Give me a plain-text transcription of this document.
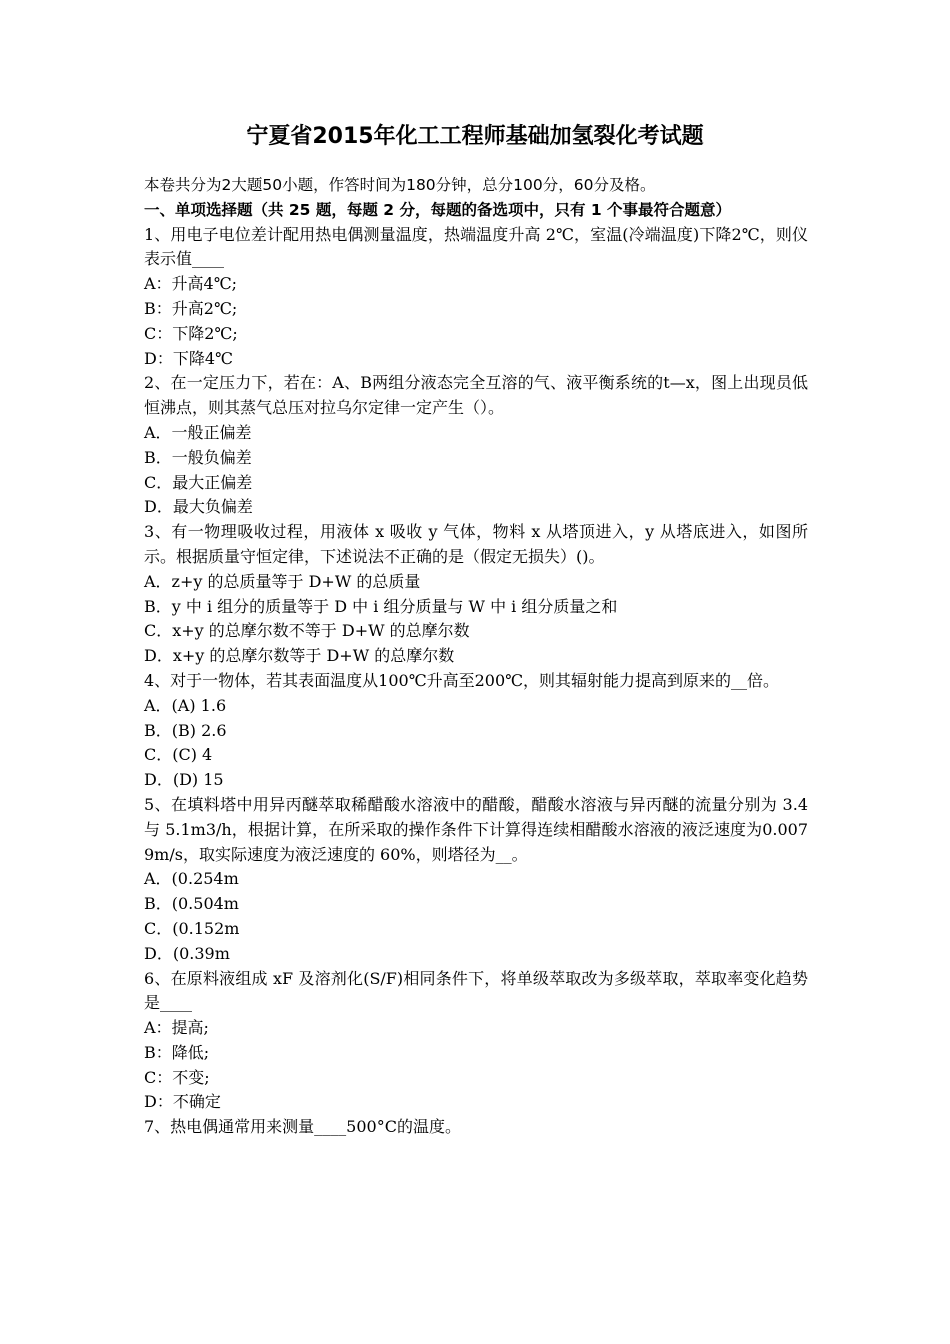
宁夏省2015年化工工程师基础加氢裂化考试题

本卷共分为2大题50小题，作答时间为180分钟，总分100分，60分及格。

一、单项选择题（共 25 题，每题 2 分，每题的备选项中，只有 1 个事最符合题意）

1、用电子电位差计配用热电偶测量温度，热端温度升高 2℃，室温(冷端温度)下降2℃，则仪表示值____

A：升高4℃;

B：升高2℃;

C：下降2℃;

D：下降4℃

2、在一定压力下，若在：A、B两组分液态完全互溶的气、液平衡系统的t—x，图上出现员低恒沸点，则其蒸气总压对拉乌尔定律一定产生（）。

A．一般正偏差

B．一般负偏差

C．最大正偏差

D．最大负偏差

3、有一物理吸收过程，用液体 x 吸收 y 气体，物料 x 从塔顶进入，y 从塔底进入，如图所示。根据质量守恒定律，下述说法不正确的是（假定无损失）()。

A．z+y 的总质量等于 D+W 的总质量

B．y 中 i 组分的质量等于 D 中 i 组分质量与 W 中 i 组分质量之和

C．x+y 的总摩尔数不等于 D+W 的总摩尔数

D．x+y 的总摩尔数等于 D+W 的总摩尔数

4、对于一物体，若其表面温度从100℃升高至200℃，则其辐射能力提高到原来的__倍。

A．(A) 1.6

B．(B) 2.6

C．(C) 4

D．(D) 15

5、在填料塔中用异丙醚萃取稀醋酸水溶液中的醋酸，醋酸水溶液与异丙醚的流量分别为 3.4 与 5.1m3/h，根据计算，在所采取的操作条件下计算得连续相醋酸水溶液的液泛速度为0.007 9m/s，取实际速度为液泛速度的 60%，则塔径为__。

A．(0.254m

B．(0.504m

C．(0.152m

D．(0.39m

6、在原料液组成 xF 及溶剂化(S/F)相同条件下，将单级萃取改为多级萃取，萃取率变化趋势是____

A：提高;

B：降低;

C：不变;

D：不确定

7、热电偶通常用来测量____500°C的温度。
